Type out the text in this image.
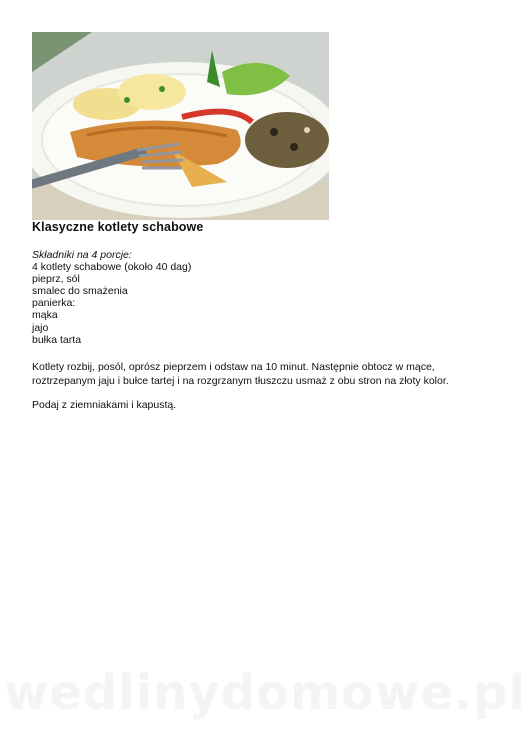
Klasyczne kotlety schabowe
Składniki na 4 porcje:
4 kotlety schabowe (około 40 dag)
pieprz, sól
smalec do smażenia
panierka:
mąka
jajo
bułka tarta

Kotlety rozbij, posól, oprósz pieprzem i odstaw na 10 minut. Następnie obtocz w mące, roztrzepanym jaju i bułce tartej i na rozgrzanym tłuszczu usmaż z obu stron na złoty kolor.

Podaj z ziemniakami i kapustą.

wedlinydomowe.pl
